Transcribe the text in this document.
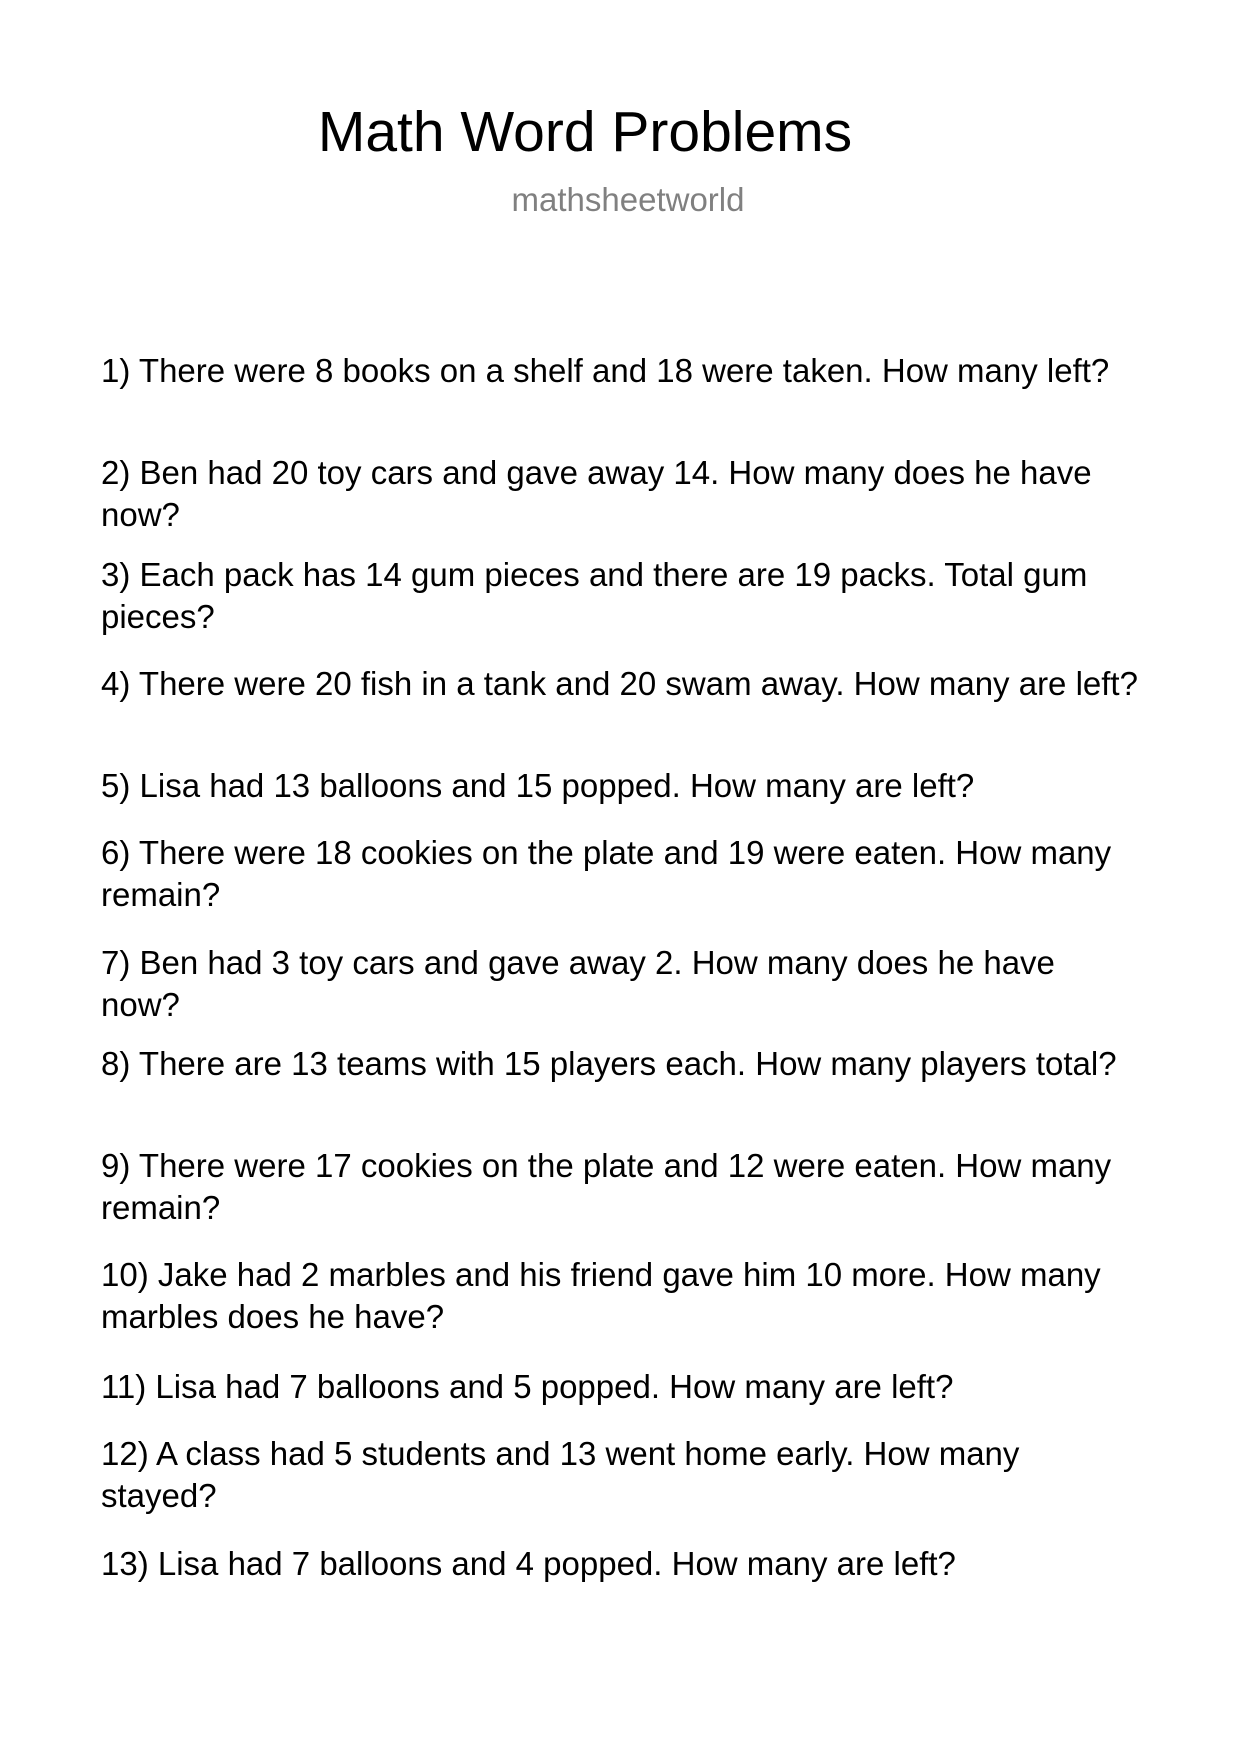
Math Word Problems
mathsheetworld

1) There were 8 books on a shelf and 18 were taken. How many left?

2) Ben had 20 toy cars and gave away 14. How many does he have now?

3) Each pack has 14 gum pieces and there are 19 packs. Total gum pieces?

4) There were 20 fish in a tank and 20 swam away. How many are left?

5) Lisa had 13 balloons and 15 popped. How many are left?

6) There were 18 cookies on the plate and 19 were eaten. How many remain?

7) Ben had 3 toy cars and gave away 2. How many does he have now?

8) There are 13 teams with 15 players each. How many players total?

9) There were 17 cookies on the plate and 12 were eaten. How many remain?

10) Jake had 2 marbles and his friend gave him 10 more. How many marbles does he have?

11) Lisa had 7 balloons and 5 popped. How many are left?

12) A class had 5 students and 13 went home early. How many stayed?

13) Lisa had 7 balloons and 4 popped. How many are left?
